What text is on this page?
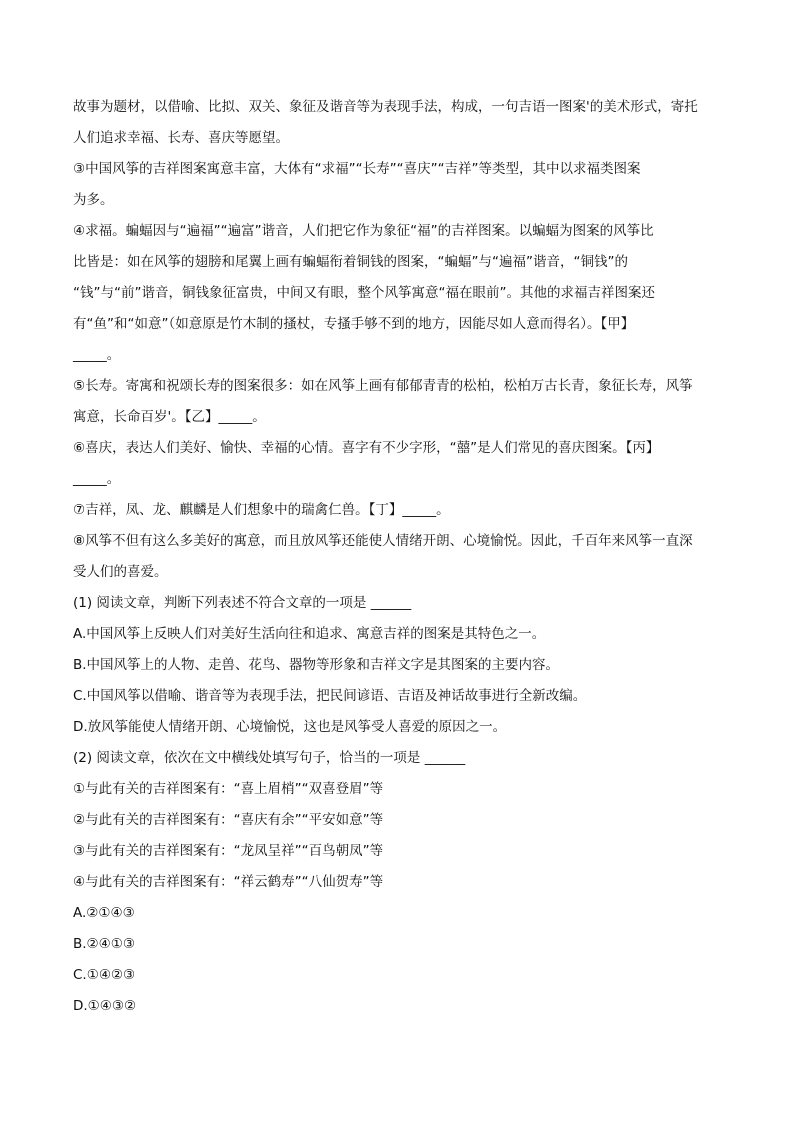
故事为题材，以借喻、比拟、双关、象征及谐音等为表现手法，构成，一句吉语一图案'的美术形式，寄托

人们追求幸福、长寿、喜庆等愿望。

③中国风筝的吉祥图案寓意丰富，大体有“求福”“长寿”“喜庆”“吉祥”等类型，其中以求福类图案

为多。

④求福。蝙蝠因与“遍福”“遍富”谐音，人们把它作为象征“福”的吉祥图案。以蝙蝠为图案的风筝比

比皆是：如在风筝的翅膀和尾翼上画有蝙蝠衔着铜钱的图案，“蝙蝠”与“遍福”谐音，“铜钱”的

“钱”与“前”谐音，铜钱象征富贵，中间又有眼，整个风筝寓意“福在眼前”。其他的求福吉祥图案还

有“鱼”和“如意”（如意原是竹木制的搔杖，专搔手够不到的地方，因能尽如人意而得名）。【甲】

_____。

⑤长寿。寄寓和祝颂长寿的图案很多：如在风筝上画有郁郁青青的松柏，松柏万古长青，象征长寿，风筝

寓意，长命百岁'。【乙】_____。

⑥喜庆，表达人们美好、愉快、幸福的心情。喜字有不少字形，“囍”是人们常见的喜庆图案。【丙】

_____。

⑦吉祥，凤、龙、麒麟是人们想象中的瑞禽仁兽。【丁】_____。

⑧风筝不但有这么多美好的寓意，而且放风筝还能使人情绪开朗、心境愉悦。因此，千百年来风筝一直深

受人们的喜爱。

(1) 阅读文章，判断下列表述不符合文章的一项是 ______

A.中国风筝上反映人们对美好生活向往和追求、寓意吉祥的图案是其特色之一。

B.中国风筝上的人物、走兽、花鸟、器物等形象和吉祥文字是其图案的主要内容。

C.中国风筝以借喻、谐音等为表现手法，把民间谚语、吉语及神话故事进行全新改编。

D.放风筝能使人情绪开朗、心境愉悦，这也是风筝受人喜爱的原因之一。

(2) 阅读文章，依次在文中横线处填写句子，恰当的一项是 ______

①与此有关的吉祥图案有：“喜上眉梢”“双喜登眉”等

②与此有关的吉祥图案有：“喜庆有余”“平安如意”等

③与此有关的吉祥图案有：“龙凤呈祥”“百鸟朝凤”等

④与此有关的吉祥图案有：“祥云鹤寿”“八仙贺寿”等

A.②①④③

B.②④①③

C.①④②③

D.①④③②
